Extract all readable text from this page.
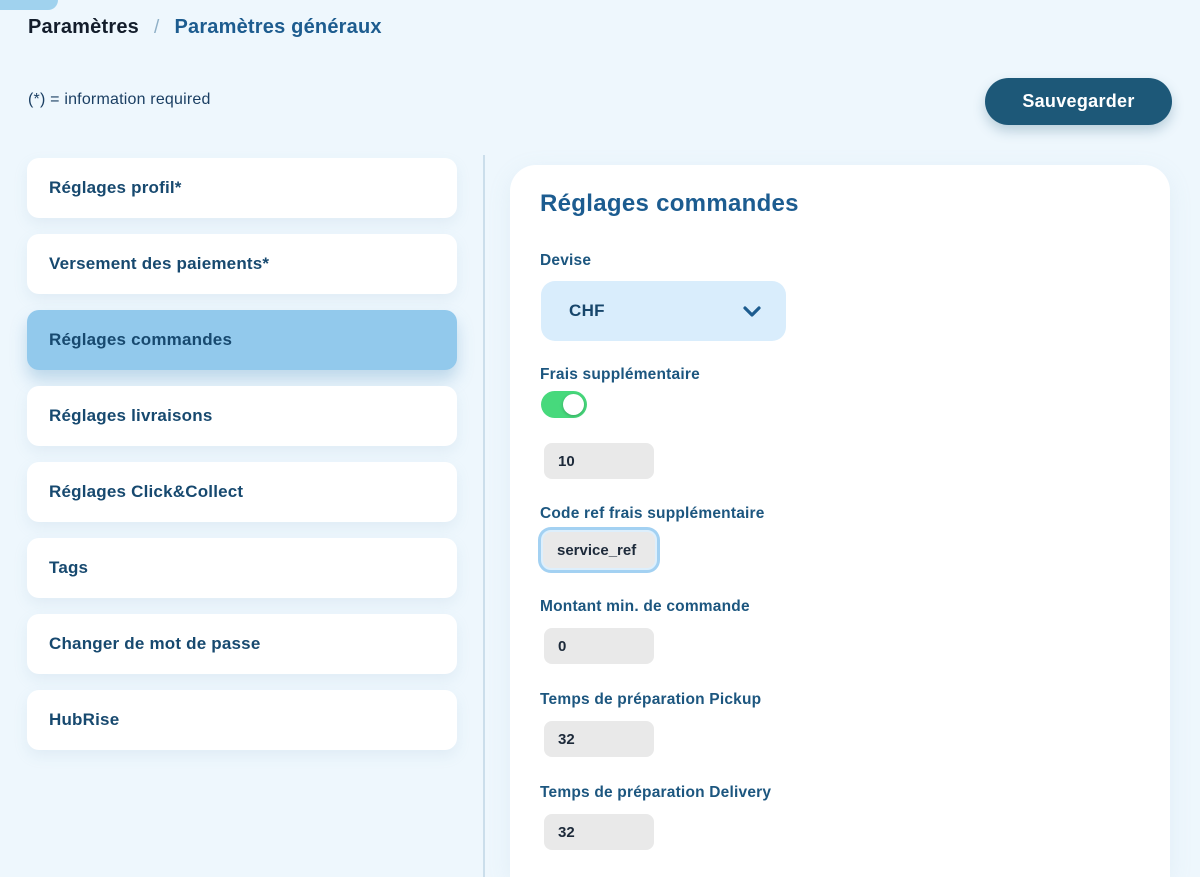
Paramètres / Paramètres généraux
(*) = information required	Sauvegarder
Réglages profil*
Versement des paiements*
Réglages commandes
Réglages livraisons
Réglages Click&Collect
Tags
Changer de mot de passe
HubRise
Réglages commandes
Devise
CHF
Frais supplémentaire
10
Code ref frais supplémentaire
service_ref
Montant min. de commande
0
Temps de préparation Pickup
32
Temps de préparation Delivery
32
